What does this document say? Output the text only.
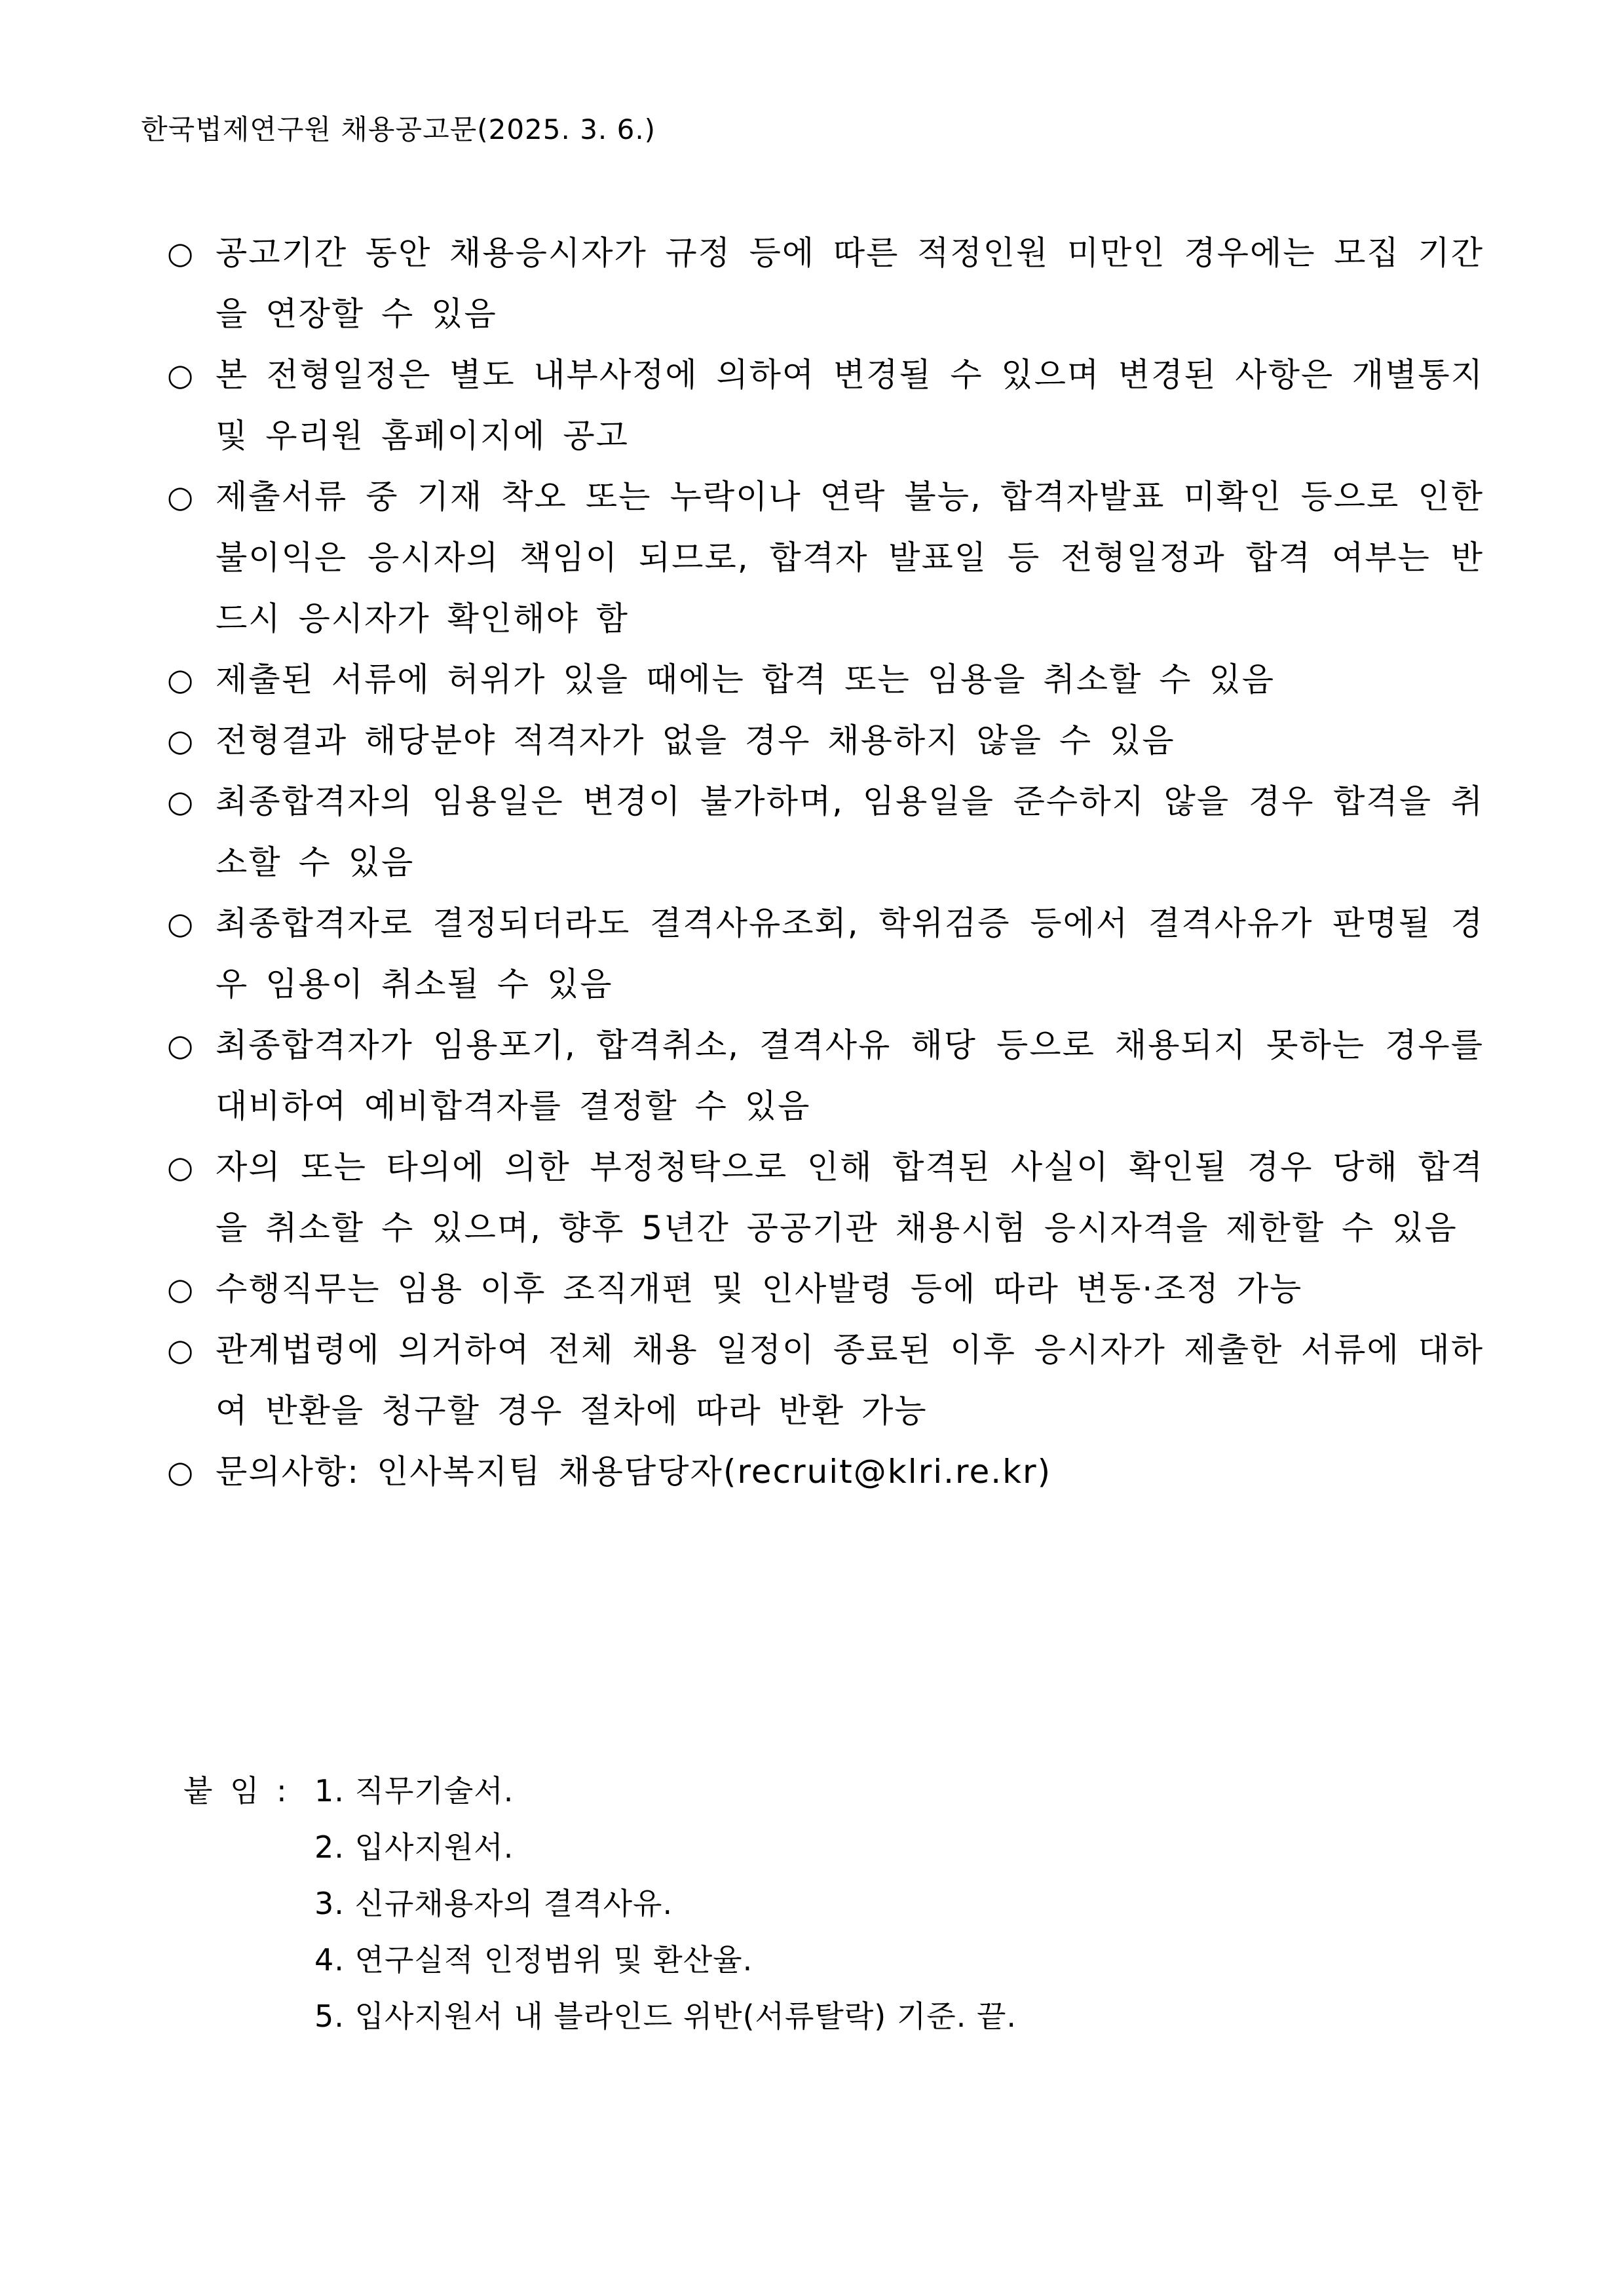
한국법제연구원 채용공고문(2025. 3. 6.)
○ 공고기간 동안 채용응시자가 규정 등에 따른 적정인원 미만인 경우에는 모집 기간을 연장할 수 있음
○ 본 전형일정은 별도 내부사정에 의하여 변경될 수 있으며 변경된 사항은 개별통지 및 우리원 홈페이지에 공고
○ 제출서류 중 기재 착오 또는 누락이나 연락 불능, 합격자발표 미확인 등으로 인한 불이익은 응시자의 책임이 되므로, 합격자 발표일 등 전형일정과 합격 여부는 반드시 응시자가 확인해야 함
○ 제출된 서류에 허위가 있을 때에는 합격 또는 임용을 취소할 수 있음
○ 전형결과 해당분야 적격자가 없을 경우 채용하지 않을 수 있음
○ 최종합격자의 임용일은 변경이 불가하며, 임용일을 준수하지 않을 경우 합격을 취소할 수 있음
○ 최종합격자로 결정되더라도 결격사유조회, 학위검증 등에서 결격사유가 판명될 경우 임용이 취소될 수 있음
○ 최종합격자가 임용포기, 합격취소, 결격사유 해당 등으로 채용되지 못하는 경우를 대비하여 예비합격자를 결정할 수 있음
○ 자의 또는 타의에 의한 부정청탁으로 인해 합격된 사실이 확인될 경우 당해 합격을 취소할 수 있으며, 향후 5년간 공공기관 채용시험 응시자격을 제한할 수 있음
○ 수행직무는 임용 이후 조직개편 및 인사발령 등에 따라 변동·조정 가능
○ 관계법령에 의거하여 전체 채용 일정이 종료된 이후 응시자가 제출한 서류에 대하여 반환을 청구할 경우 절차에 따라 반환 가능
○ 문의사항: 인사복지팀 채용담당자(recruit@klri.re.kr)
붙 임 : 1. 직무기술서.
2. 입사지원서.
3. 신규채용자의 결격사유.
4. 연구실적 인정범위 및 환산율.
5. 입사지원서 내 블라인드 위반(서류탈락) 기준. 끝.
